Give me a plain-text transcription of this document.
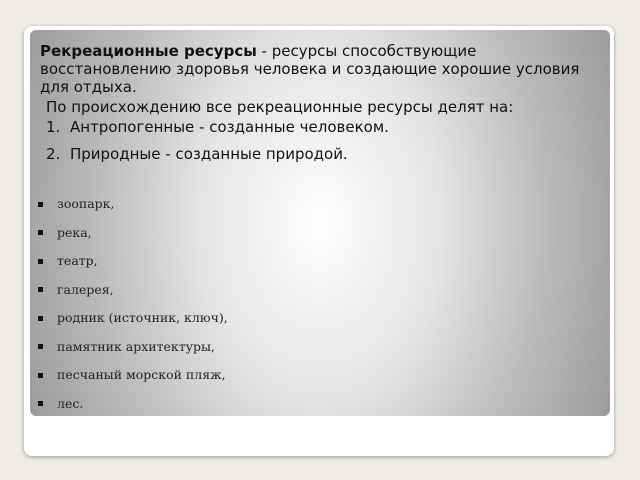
Рекреационные ресурсы - ресурсы способствующие восстановлению здоровья человека и создающие хорошие условия для отдыха.
По происхождению все рекреационные ресурсы делят на:
1. Антропогенные - созданные человеком.
2. Природные - созданные природой.
зоопарк,
река,
театр,
галерея,
родник (источник, ключ),
памятник архитектуры,
песчаный морской пляж,
лес.
